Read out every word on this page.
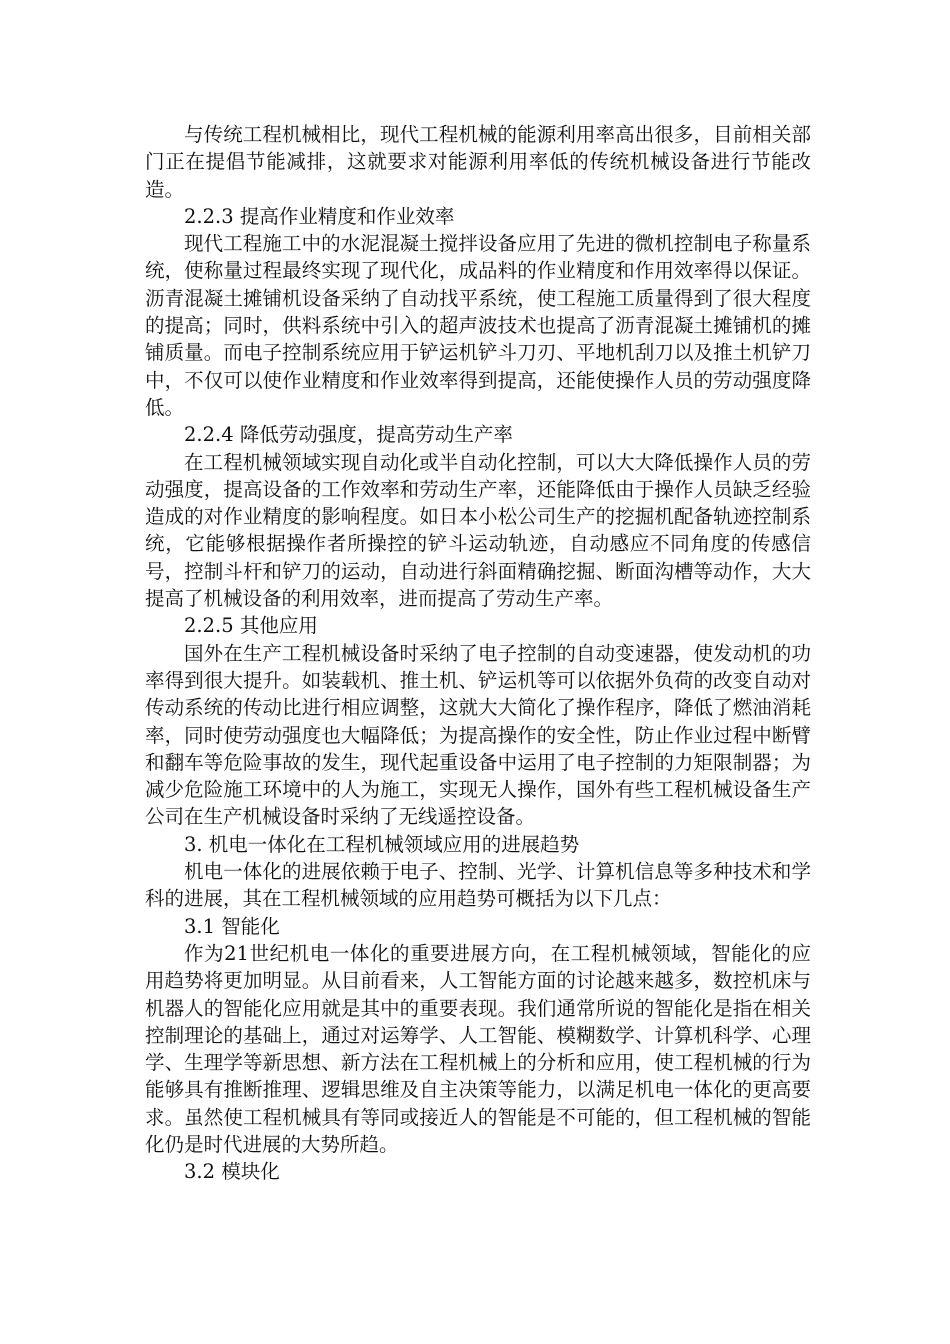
与传统工程机械相比，现代工程机械的能源利用率高出很多，目前相关部门正在提倡节能减排，这就要求对能源利用率低的传统机械设备进行节能改造。

2.2.3 提高作业精度和作业效率

现代工程施工中的水泥混凝土搅拌设备应用了先进的微机控制电子称量系统，使称量过程最终实现了现代化，成品料的作业精度和作用效率得以保证。沥青混凝土摊铺机设备采纳了自动找平系统，使工程施工质量得到了很大程度的提高；同时，供料系统中引入的超声波技术也提高了沥青混凝土摊铺机的摊铺质量。而电子控制系统应用于铲运机铲斗刀刃、平地机刮刀以及推土机铲刀中，不仅可以使作业精度和作业效率得到提高，还能使操作人员的劳动强度降低。

2.2.4 降低劳动强度，提高劳动生产率

在工程机械领域实现自动化或半自动化控制，可以大大降低操作人员的劳动强度，提高设备的工作效率和劳动生产率，还能降低由于操作人员缺乏经验造成的对作业精度的影响程度。如日本小松公司生产的挖掘机配备轨迹控制系统，它能够根据操作者所操控的铲斗运动轨迹，自动感应不同角度的传感信号，控制斗杆和铲刀的运动，自动进行斜面精确挖掘、断面沟槽等动作，大大提高了机械设备的利用效率，进而提高了劳动生产率。

2.2.5 其他应用

国外在生产工程机械设备时采纳了电子控制的自动变速器，使发动机的功率得到很大提升。如装载机、推土机、铲运机等可以依据外负荷的改变自动对传动系统的传动比进行相应调整，这就大大简化了操作程序，降低了燃油消耗率，同时使劳动强度也大幅降低；为提高操作的安全性，防止作业过程中断臂和翻车等危险事故的发生，现代起重设备中运用了电子控制的力矩限制器；为减少危险施工环境中的人为施工，实现无人操作，国外有些工程机械设备生产公司在生产机械设备时采纳了无线遥控设备。

3. 机电一体化在工程机械领域应用的进展趋势

机电一体化的进展依赖于电子、控制、光学、计算机信息等多种技术和学科的进展，其在工程机械领域的应用趋势可概括为以下几点：

3.1 智能化

作为21世纪机电一体化的重要进展方向，在工程机械领域，智能化的应用趋势将更加明显。从目前看来，人工智能方面的讨论越来越多，数控机床与机器人的智能化应用就是其中的重要表现。我们通常所说的智能化是指在相关控制理论的基础上，通过对运筹学、人工智能、模糊数学、计算机科学、心理学、生理学等新思想、新方法在工程机械上的分析和应用，使工程机械的行为能够具有推断推理、逻辑思维及自主决策等能力，以满足机电一体化的更高要求。虽然使工程机械具有等同或接近人的智能是不可能的，但工程机械的智能化仍是时代进展的大势所趋。

3.2 模块化
